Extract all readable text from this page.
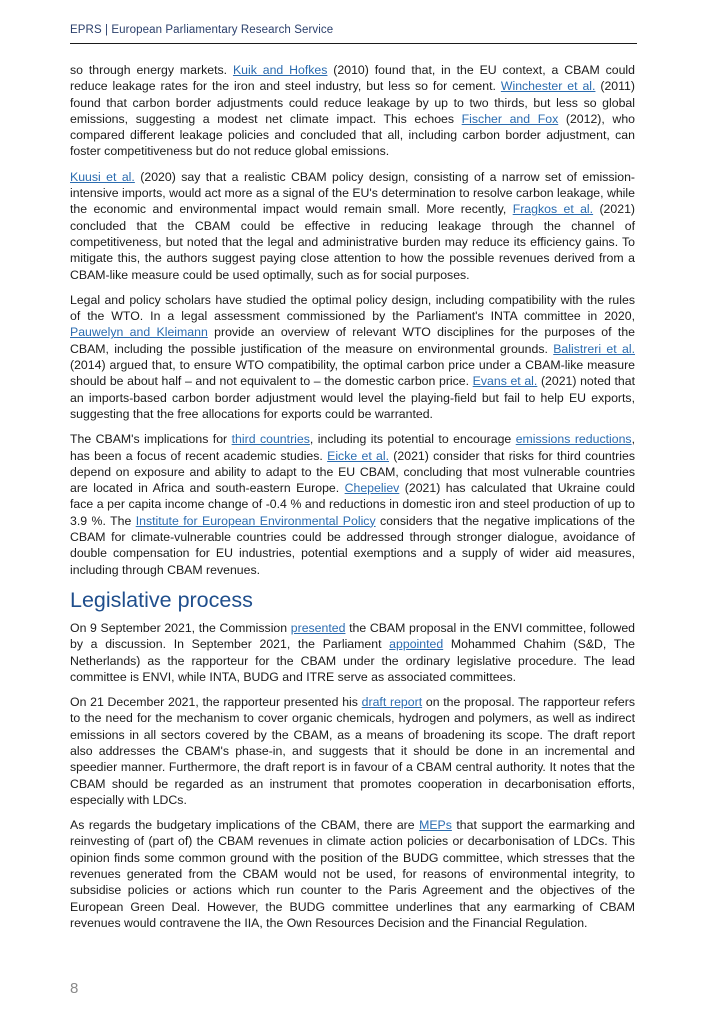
EPRS | European Parliamentary Research Service

so through energy markets. Kuik and Hofkes (2010) found that, in the EU context, a CBAM could reduce leakage rates for the iron and steel industry, but less so for cement. Winchester et al. (2011) found that carbon border adjustments could reduce leakage by up to two thirds, but less so global emissions, suggesting a modest net climate impact. This echoes Fischer and Fox (2012), who compared different leakage policies and concluded that all, including carbon border adjustment, can foster competitiveness but do not reduce global emissions.

Kuusi et al. (2020) say that a realistic CBAM policy design, consisting of a narrow set of emission-intensive imports, would act more as a signal of the EU's determination to resolve carbon leakage, while the economic and environmental impact would remain small. More recently, Fragkos et al. (2021) concluded that the CBAM could be effective in reducing leakage through the channel of competitiveness, but noted that the legal and administrative burden may reduce its efficiency gains. To mitigate this, the authors suggest paying close attention to how the possible revenues derived from a CBAM-like measure could be used optimally, such as for social purposes.

Legal and policy scholars have studied the optimal policy design, including compatibility with the rules of the WTO. In a legal assessment commissioned by the Parliament's INTA committee in 2020, Pauwelyn and Kleimann provide an overview of relevant WTO disciplines for the purposes of the CBAM, including the possible justification of the measure on environmental grounds. Balistreri et al. (2014) argued that, to ensure WTO compatibility, the optimal carbon price under a CBAM-like measure should be about half – and not equivalent to – the domestic carbon price. Evans et al. (2021) noted that an imports-based carbon border adjustment would level the playing-field but fail to help EU exports, suggesting that the free allocations for exports could be warranted.

The CBAM's implications for third countries, including its potential to encourage emissions reductions, has been a focus of recent academic studies. Eicke et al. (2021) consider that risks for third countries depend on exposure and ability to adapt to the EU CBAM, concluding that most vulnerable countries are located in Africa and south-eastern Europe. Chepeliev (2021) has calculated that Ukraine could face a per capita income change of -0.4 % and reductions in domestic iron and steel production of up to 3.9 %. The Institute for European Environmental Policy considers that the negative implications of the CBAM for climate-vulnerable countries could be addressed through stronger dialogue, avoidance of double compensation for EU industries, potential exemptions and a supply of wider aid measures, including through CBAM revenues.

Legislative process

On 9 September 2021, the Commission presented the CBAM proposal in the ENVI committee, followed by a discussion. In September 2021, the Parliament appointed Mohammed Chahim (S&D, The Netherlands) as the rapporteur for the CBAM under the ordinary legislative procedure. The lead committee is ENVI, while INTA, BUDG and ITRE serve as associated committees.

On 21 December 2021, the rapporteur presented his draft report on the proposal. The rapporteur refers to the need for the mechanism to cover organic chemicals, hydrogen and polymers, as well as indirect emissions in all sectors covered by the CBAM, as a means of broadening its scope. The draft report also addresses the CBAM's phase-in, and suggests that it should be done in an incremental and speedier manner. Furthermore, the draft report is in favour of a CBAM central authority. It notes that the CBAM should be regarded as an instrument that promotes cooperation in decarbonisation efforts, especially with LDCs.

As regards the budgetary implications of the CBAM, there are MEPs that support the earmarking and reinvesting of (part of) the CBAM revenues in climate action policies or decarbonisation of LDCs. This opinion finds some common ground with the position of the BUDG committee, which stresses that the revenues generated from the CBAM would not be used, for reasons of environmental integrity, to subsidise policies or actions which run counter to the Paris Agreement and the objectives of the European Green Deal. However, the BUDG committee underlines that any earmarking of CBAM revenues would contravene the IIA, the Own Resources Decision and the Financial Regulation.

8
